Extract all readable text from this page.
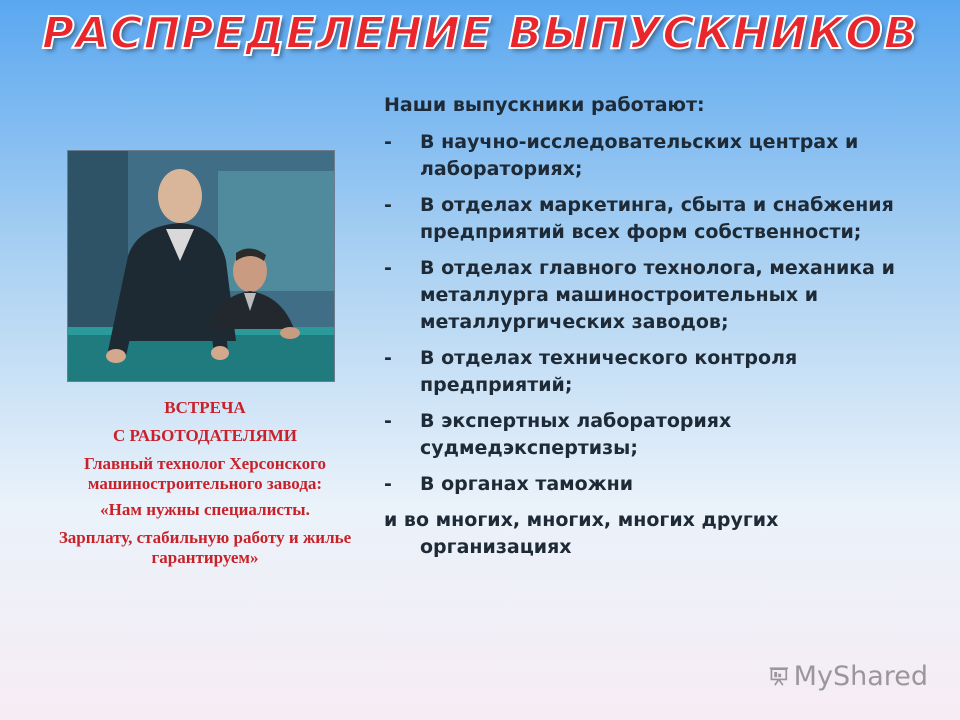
РАСПРЕДЕЛЕНИЕ ВЫПУСКНИКОВ
ВСТРЕЧА
С РАБОТОДАТЕЛЯМИ
Главный технолог Херсонского машиностроительного завода:
«Нам нужны специалисты.
Зарплату, стабильную работу и жилье гарантируем»
Наши выпускники работают:
-	В научно-исследовательских центрах и лабораториях;
-	В отделах маркетинга, сбыта и снабжения предприятий всех форм собственности;
-	В отделах главного технолога, механика и металлурга машиностроительных и металлургических заводов;
-	В отделах технического контроля предприятий;
-	В экспертных лабораториях судмедэкспертизы;
-	В органах таможни
и во многих, многих, многих других
организациях
MyShared
